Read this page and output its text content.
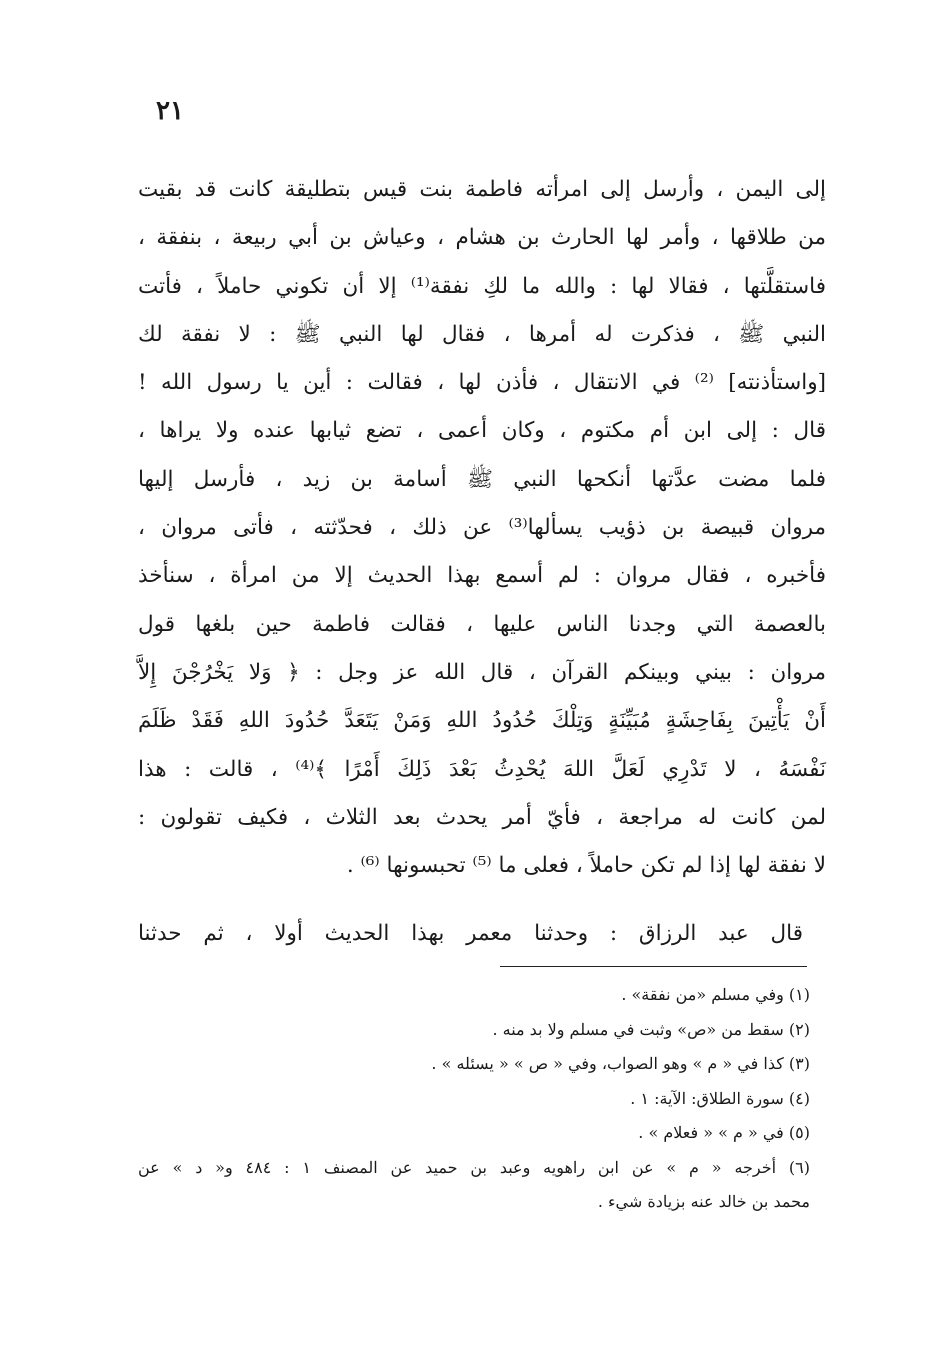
٢١
إلى اليمن ، وأرسل إلى امرأته فاطمة بنت قيس بتطليقة كانت قد بقيت
من طلاقها ، وأمر لها الحارث بن هشام ، وعياش بن أبي ربيعة ، بنفقة ،
فاستقلَّتها ، فقالا لها : والله ما لكِ نفقة⁽¹⁾ إلا أن تكوني حاملاً ، فأتت
النبي ﷺ ، فذكرت له أمرها ، فقال لها النبي ﷺ : لا نفقة لك
[واستأذنته] ⁽²⁾ في الانتقال ، فأذن لها ، فقالت : أين يا رسول الله !
قال : إلى ابن أم مكتوم ، وكان أعمى ، تضع ثيابها عنده ولا يراها ،
فلما مضت عدَّتها أنكحها النبي ﷺ أسامة بن زيد ، فأرسل إليها
مروان قبيصة بن ذؤيب يسألها⁽³⁾ عن ذلك ، فحدّثته ، فأتى مروان ،
فأخبره ، فقال مروان : لم أسمع بهذا الحديث إلا من امرأة ، سنأخذ
بالعصمة التي وجدنا الناس عليها ، فقالت فاطمة حين بلغها قول
مروان : بيني وبينكم القرآن ، قال الله عز وجل : ﴿ وَلا يَخْرُجْنَ إِلاَّ
أَنْ يَأْتِينَ بِفَاحِشَةٍ مُبَيِّنَةٍ وَتِلْكَ حُدُودُ اللهِ وَمَنْ يَتَعَدَّ حُدُودَ اللهِ فَقَدْ ظَلَمَ
نَفْسَهُ ، لا تَدْرِي لَعَلَّ اللهَ يُحْدِثُ بَعْدَ ذَلِكَ أَمْرًا ﴾⁽⁴⁾ ، قالت : هذا
لمن كانت له مراجعة ، فأيّ أمر يحدث بعد الثلاث ، فكيف تقولون :
لا نفقة لها إذا لم تكن حاملاً ، فعلى ما ⁽⁵⁾ تحبسونها ⁽⁶⁾ .
قال عبد الرزاق : وحدثنا معمر بهذا الحديث أولا ، ثم حدثنا
(١) وفي مسلم «من نفقة» .
(٢) سقط من «ص» وثبت في مسلم ولا بد منه .
(٣) كذا في « م » وهو الصواب، وفي « ص » « يسئله » .
(٤) سورة الطلاق: الآية: ١ .
(٥) في « م » « فعلام » .
(٦) أخرجه « م » عن ابن راهويه وعبد بن حميد عن المصنف ١ : ٤٨٤ و« د » عن
محمد بن خالد عنه بزيادة شيء .
